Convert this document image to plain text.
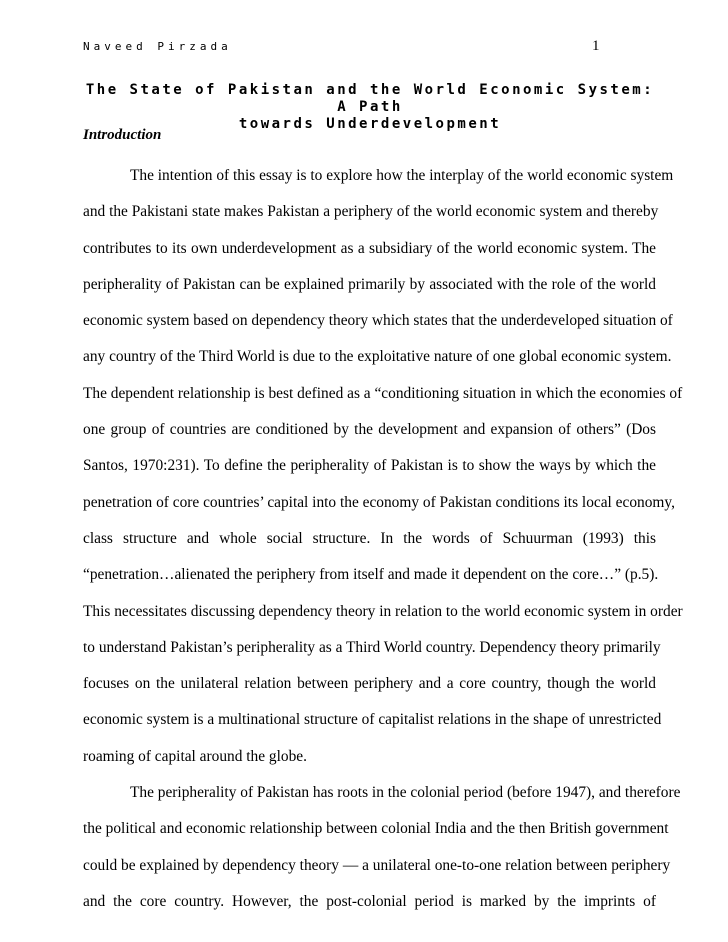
Naveed Pirzada	1
The State of Pakistan and the World Economic System: A Path
towards Underdevelopment
Introduction
The intention of this essay is to explore how the interplay of the world economic system
and the Pakistani state makes Pakistan a periphery of the world economic system and thereby
contributes to its own underdevelopment as a subsidiary of the world economic system. The
peripherality of Pakistan can be explained primarily by associated with the role of the world
economic system based on dependency theory which states that the underdeveloped situation of
any country of the Third World is due to the exploitative nature of one global economic system.
The dependent relationship is best defined as a “conditioning situation in which the economies of
one group of countries are conditioned by the development and expansion of others” (Dos
Santos, 1970:231). To define the peripherality of Pakistan is to show the ways by which the
penetration of core countries’ capital into the economy of Pakistan conditions its local economy,
class structure and whole social structure. In the words of Schuurman (1993) this
“penetration…alienated the periphery from itself and made it dependent on the core…” (p.5).
This necessitates discussing dependency theory in relation to the world economic system in order
to understand Pakistan’s peripherality as a Third World country. Dependency theory primarily
focuses on the unilateral relation between periphery and a core country, though the world
economic system is a multinational structure of capitalist relations in the shape of unrestricted
roaming of capital around the globe.
The peripherality of Pakistan has roots in the colonial period (before 1947), and therefore
the political and economic relationship between colonial India and the then British government
could be explained by dependency theory — a unilateral one-to-one relation between periphery
and the core country. However, the post-colonial period is marked by the imprints of
